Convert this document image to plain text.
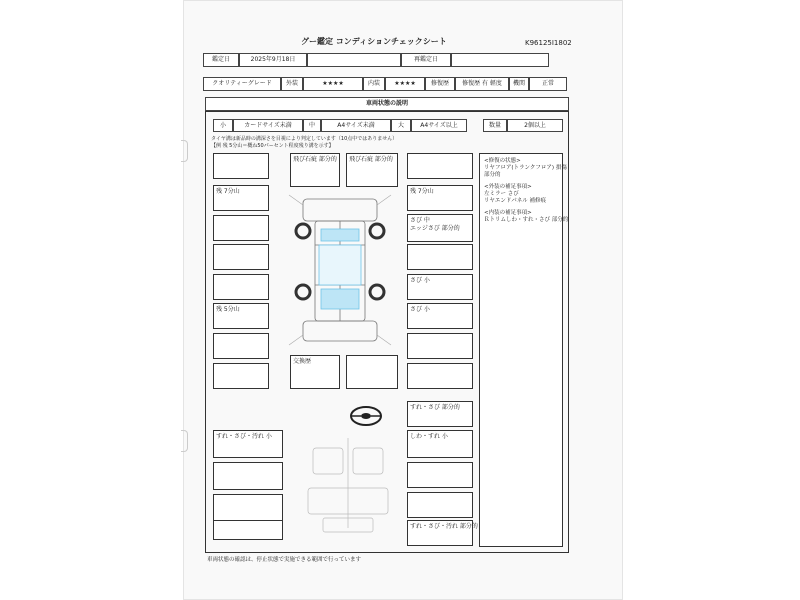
グー鑑定 コンディションチェックシート	K96125I1802
鑑定日	2025年9月18日	再鑑定日
クオリティーグレード	外装	★★★★	内装	★★★★	修復歴	修復歴 有 軽度	機関	正常
車両状態の説明
小	カードサイズ未満	中	A4サイズ未満	大	A4サイズ以上	数量	2個以上
タイヤ溝は新品時の溝深さを目視により判定しています（10点中ではありません）
【例 残 5分山＝概ね50パーセント程度残り溝を示す】
残 7分山
残 5分山
すれ・さび・汚れ 小
飛び石疵 部分的 飛び石疵 部分的
残 7分山
さび 中
エッジさび 部分的
さび 小
さび 小
交換歴
すれ・さび 部分的
しわ・すれ 小
すれ・さび・汚れ 部分的
<修復の状態>
リヤフロア(トランクフロア) 損傷
部分的
<外装の補足事項>
左ミラー さび
リヤエンドパネル 補修痕
<内装の補足事項>
Ｒトリムしわ・すれ・さび 部分的
車両状態の確認は、停止状態で実施できる範囲で行っています
